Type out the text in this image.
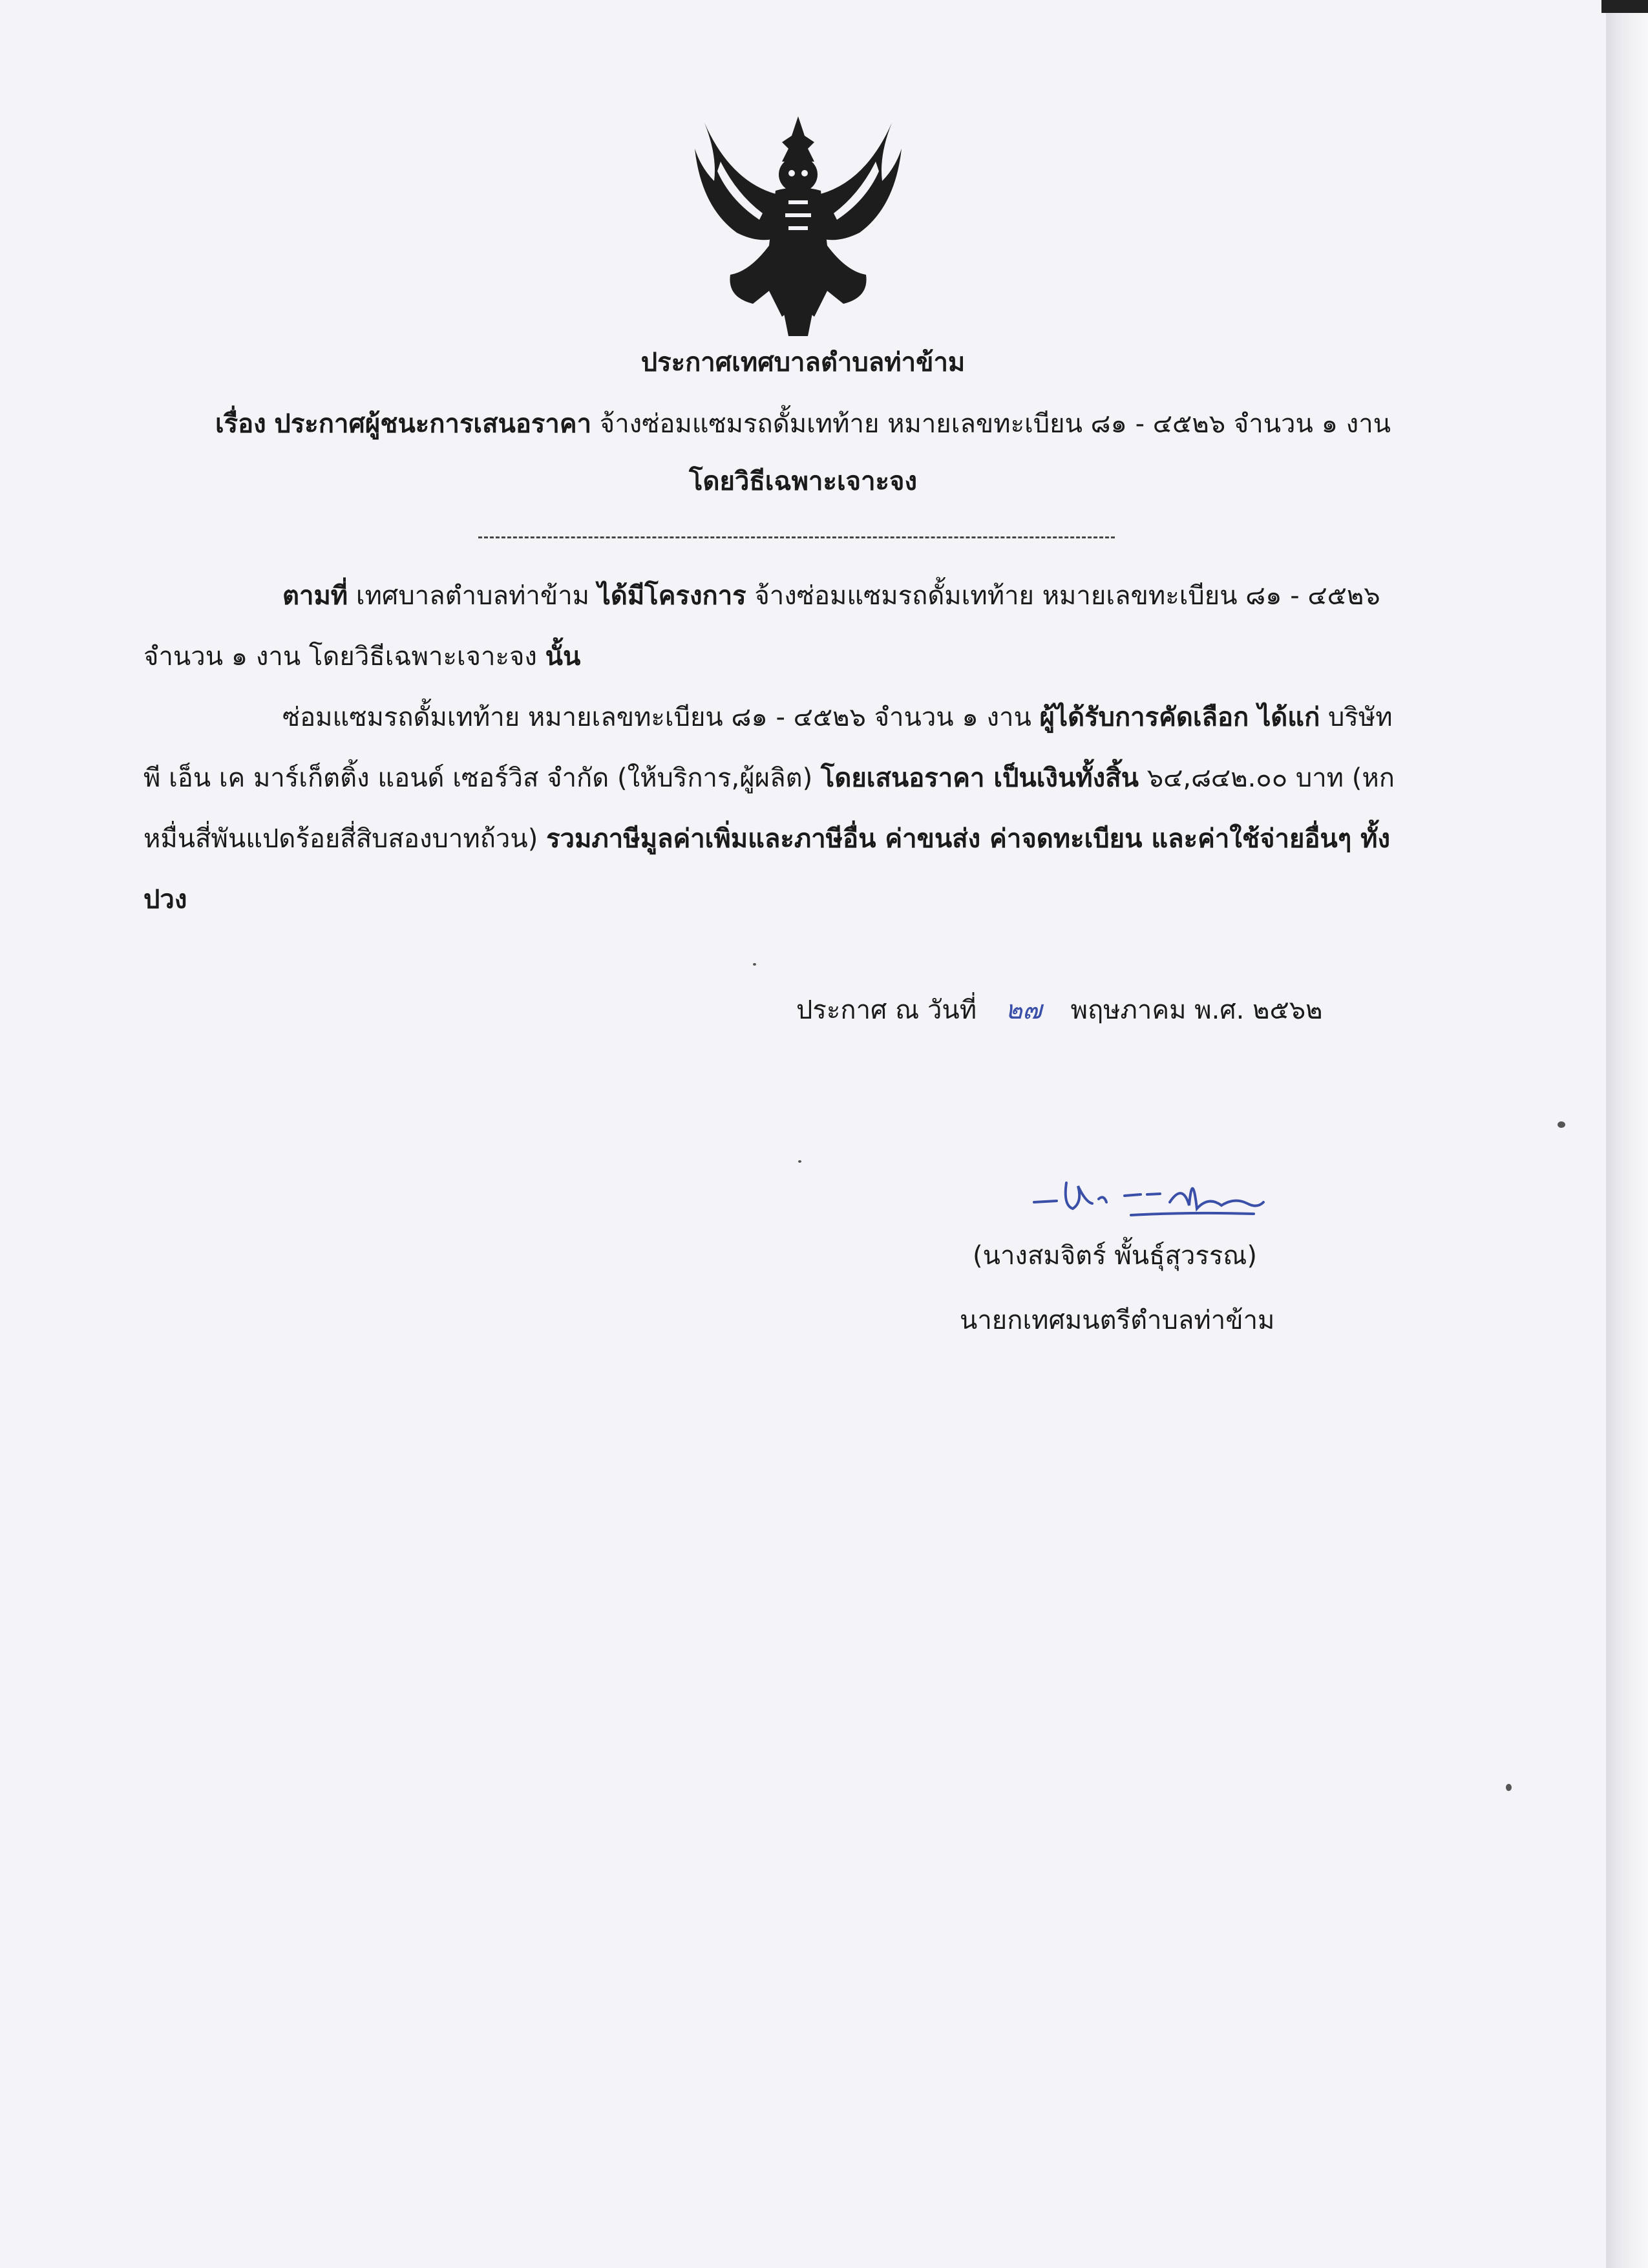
ประกาศเทศบาลตำบลท่าข้าม
เรื่อง ประกาศผู้ชนะการเสนอราคา จ้างซ่อมแซมรถดั้มเทท้าย หมายเลขทะเบียน ๘๑ - ๔๕๒๖ จำนวน ๑ งาน
โดยวิธีเฉพาะเจาะจง

ตามที่ เทศบาลตำบลท่าข้าม ได้มีโครงการ จ้างซ่อมแซมรถดั้มเทท้าย หมายเลขทะเบียน ๘๑ - ๔๕๒๖

จำนวน ๑ งาน โดยวิธีเฉพาะเจาะจง นั้น

ซ่อมแซมรถดั้มเทท้าย หมายเลขทะเบียน ๘๑ - ๔๕๒๖ จำนวน ๑ งาน ผู้ได้รับการคัดเลือก ได้แก่ บริษัท

พี เอ็น เค มาร์เก็ตติ้ง แอนด์ เซอร์วิส จำกัด (ให้บริการ,ผู้ผลิต) โดยเสนอราคา เป็นเงินทั้งสิ้น ๖๔,๘๔๒.๐๐ บาท (หก

หมื่นสี่พันแปดร้อยสี่สิบสองบาทถ้วน) รวมภาษีมูลค่าเพิ่มและภาษีอื่น ค่าขนส่ง ค่าจดทะเบียน และค่าใช้จ่ายอื่นๆ ทั้ง

ปวง

ประกาศ ณ วันที่ ๒๗ พฤษภาคม พ.ศ. ๒๕๖๒
(นางสมจิตร์ พั้นธุ์สุวรรณ)
นายกเทศมนตรีตำบลท่าข้าม
